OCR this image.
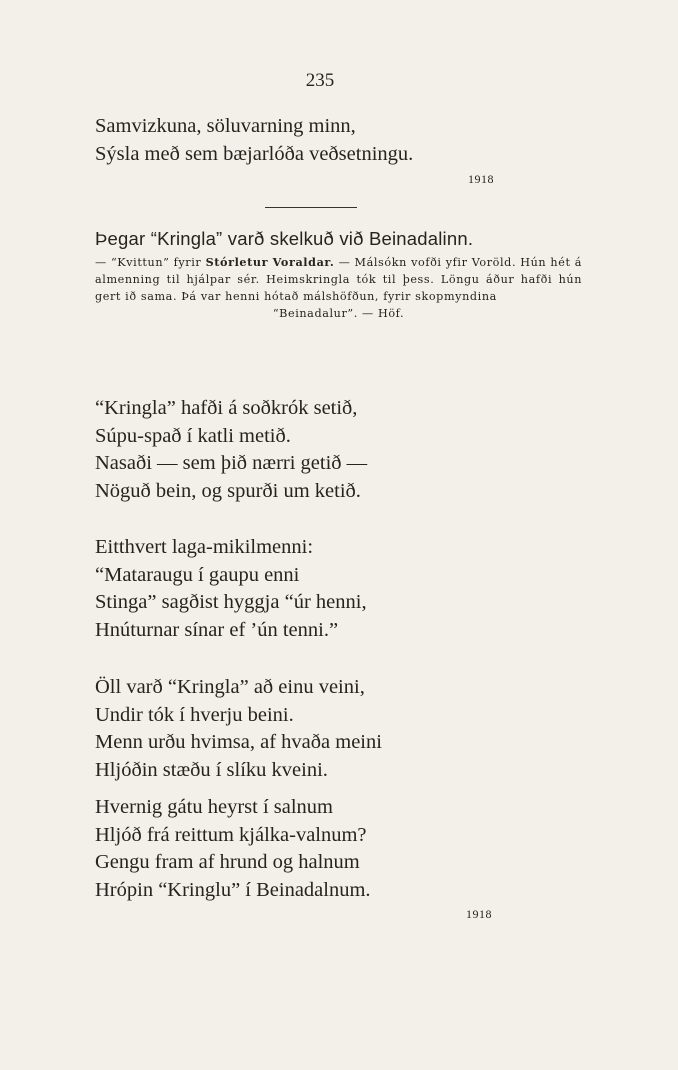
235
Samvizkuna, söluvarning minn,
Sýsla með sem bæjarlóða veðsetningu.
1918
Þegar “Kringla” varð skelkuð við Beinadalinn.
— “Kvittun” fyrir Stórletur Voraldar. — Málsókn vofði yfir Voröld. Hún hét á almenning til hjálpar sér. Heimskringla tók til þess. Löngu áður hafði hún gert ið sama. Þá var henni hótað málshöfðun, fyrir skopmyndina
“Beinadalur”. — Höf.
“Kringla” hafði á soðkrók setið,
Súpu-spað í katli metið.
Nasaði — sem þið nærri getið —
Nöguð bein, og spurði um ketið.
Eitthvert laga-mikilmenni:
“Mataraugu í gaupu enni
Stinga” sagðist hyggja “úr henni,
Hnúturnar sínar ef ’ún tenni.”
Öll varð “Kringla” að einu veini,
Undir tók í hverju beini.
Menn urðu hvimsa, af hvaða meini
Hljóðin stæðu í slíku kveini.
Hvernig gátu heyrst í salnum
Hljóð frá reittum kjálka-valnum?
Gengu fram af hrund og halnum
Hrópin “Kringlu” í Beinadalnum.
1918
